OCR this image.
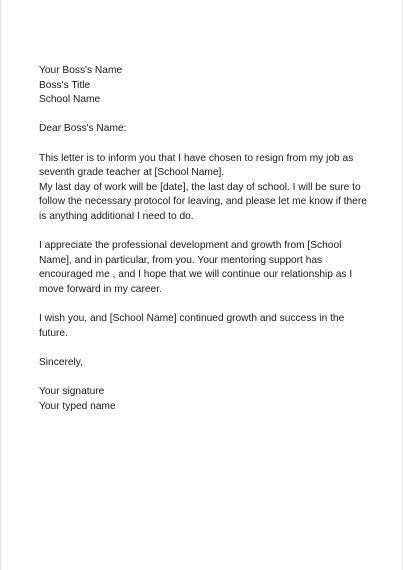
Your Boss's Name
Boss's Title
School Name
Dear Boss's Name:
This letter is to inform you that I have chosen to resign from my job as
seventh grade teacher at [School Name].
My last day of work will be [date], the last day of school. I will be sure to
follow the necessary protocol for leaving, and please let me know if there
is anything additional I need to do.
I appreciate the professional development and growth from [School
Name], and in particular, from you. Your mentoring support has
encouraged me , and I hope that we will continue our relationship as I
move forward in my career.
I wish you, and [School Name] continued growth and success in the
future.
Sincerely,
Your signature
Your typed name
